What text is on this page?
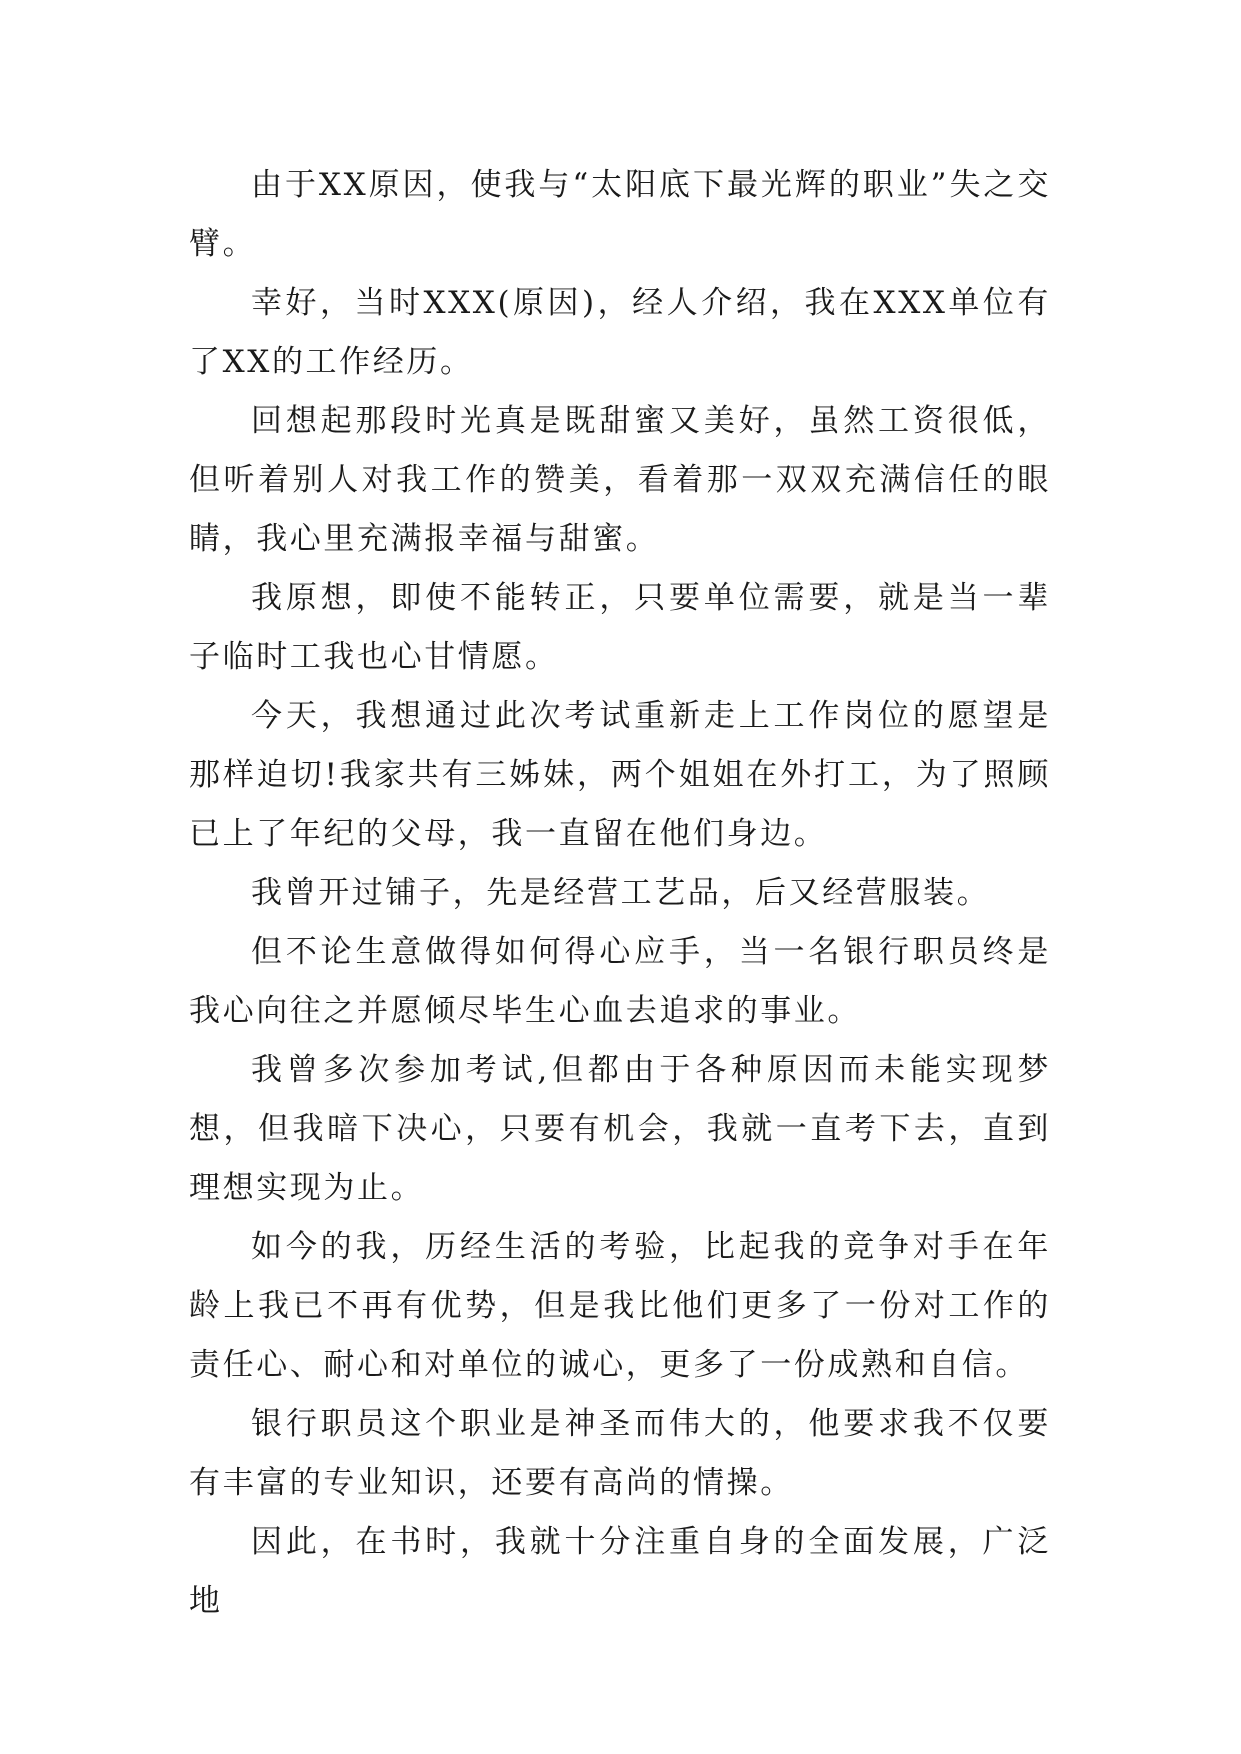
由于XX原因，使我与“太阳底下最光辉的职业”失之交臂。

幸好，当时XXX(原因)，经人介绍，我在XXX单位有了XX的工作经历。

回想起那段时光真是既甜蜜又美好，虽然工资很低，但听着别人对我工作的赞美，看着那一双双充满信任的眼睛，我心里充满报幸福与甜蜜。

我原想，即使不能转正，只要单位需要，就是当一辈子临时工我也心甘情愿。

今天，我想通过此次考试重新走上工作岗位的愿望是那样迫切!我家共有三姊妹，两个姐姐在外打工，为了照顾已上了年纪的父母，我一直留在他们身边。

我曾开过铺子，先是经营工艺品，后又经营服装。

但不论生意做得如何得心应手，当一名银行职员终是我心向往之并愿倾尽毕生心血去追求的事业。

我曾多次参加考试,但都由于各种原因而未能实现梦想，但我暗下决心，只要有机会，我就一直考下去，直到理想实现为止。

如今的我，历经生活的考验，比起我的竞争对手在年龄上我已不再有优势，但是我比他们更多了一份对工作的责任心、耐心和对单位的诚心，更多了一份成熟和自信。

银行职员这个职业是神圣而伟大的，他要求我不仅要有丰富的专业知识，还要有高尚的情操。

因此，在书时，我就十分注重自身的全面发展，广泛地
